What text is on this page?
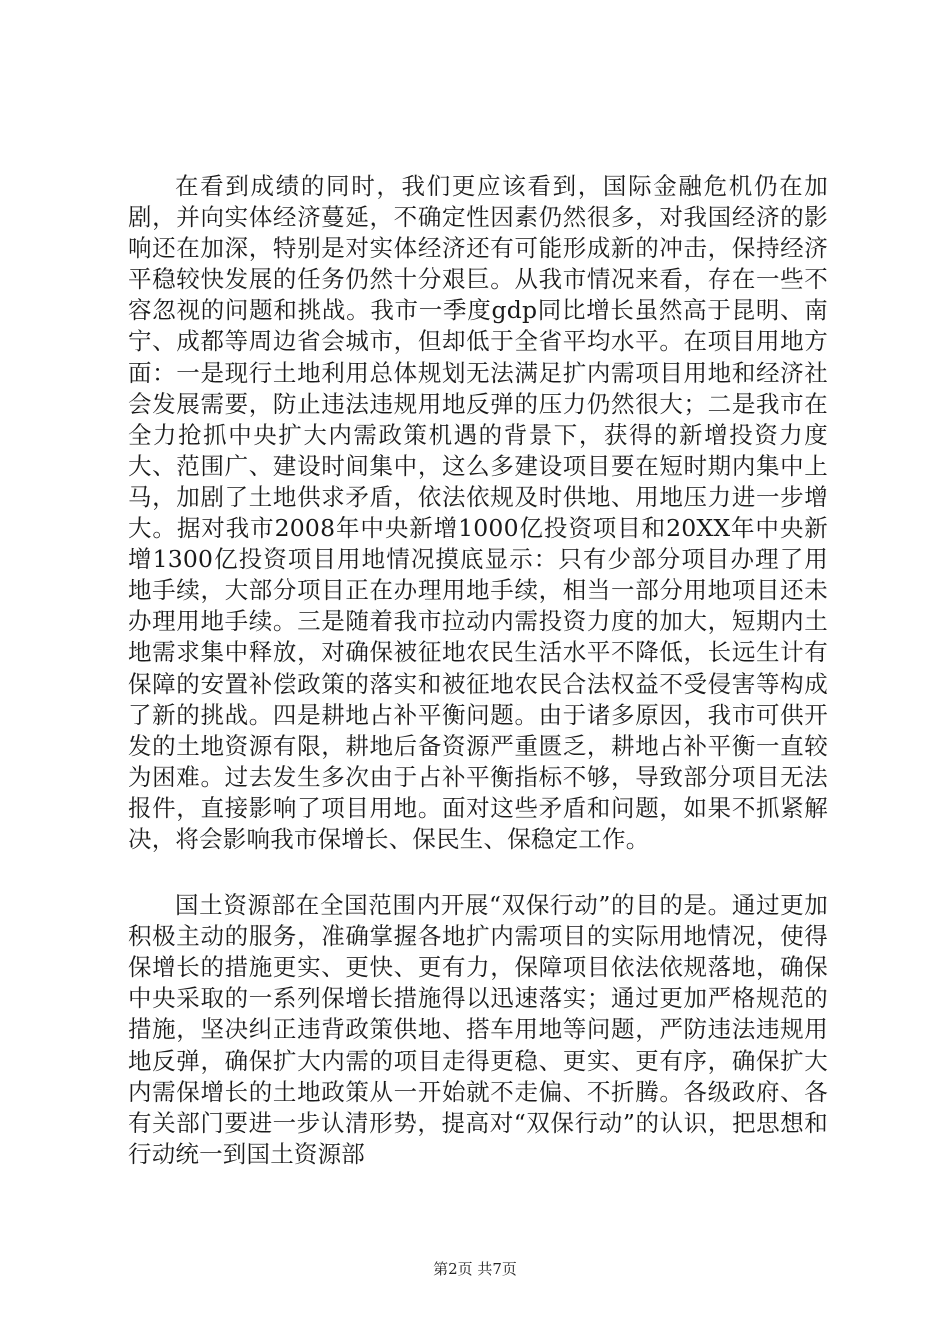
在看到成绩的同时，我们更应该看到，国际金融危机仍在加剧，并向实体经济蔓延，不确定性因素仍然很多，对我国经济的影响还在加深，特别是对实体经济还有可能形成新的冲击，保持经济平稳较快发展的任务仍然十分艰巨。从我市情况来看，存在一些不容忽视的问题和挑战。我市一季度gdp同比增长虽然高于昆明、南宁、成都等周边省会城市，但却低于全省平均水平。在项目用地方面：一是现行土地利用总体规划无法满足扩内需项目用地和经济社会发展需要，防止违法违规用地反弹的压力仍然很大；二是我市在全力抢抓中央扩大内需政策机遇的背景下，获得的新增投资力度大、范围广、建设时间集中，这么多建设项目要在短时期内集中上马，加剧了土地供求矛盾，依法依规及时供地、用地压力进一步增大。据对我市2008年中央新增1000亿投资项目和20XX年中央新增1300亿投资项目用地情况摸底显示：只有少部分项目办理了用地手续，大部分项目正在办理用地手续，相当一部分用地项目还未办理用地手续。三是随着我市拉动内需投资力度的加大，短期内土地需求集中释放，对确保被征地农民生活水平不降低，长远生计有保障的安置补偿政策的落实和被征地农民合法权益不受侵害等构成了新的挑战。四是耕地占补平衡问题。由于诸多原因，我市可供开发的土地资源有限，耕地后备资源严重匮乏，耕地占补平衡一直较为困难。过去发生多次由于占补平衡指标不够，导致部分项目无法报件，直接影响了项目用地。面对这些矛盾和问题，如果不抓紧解决，将会影响我市保增长、保民生、保稳定工作。

国土资源部在全国范围内开展“双保行动”的目的是。通过更加积极主动的服务，准确掌握各地扩内需项目的实际用地情况，使得保增长的措施更实、更快、更有力，保障项目依法依规落地，确保中央采取的一系列保增长措施得以迅速落实；通过更加严格规范的措施，坚决纠正违背政策供地、搭车用地等问题，严防违法违规用地反弹，确保扩大内需的项目走得更稳、更实、更有序，确保扩大内需保增长的土地政策从一开始就不走偏、不折腾。各级政府、各有关部门要进一步认清形势，提高对“双保行动”的认识，把思想和行动统一到国土资源部

第2页 共7页
